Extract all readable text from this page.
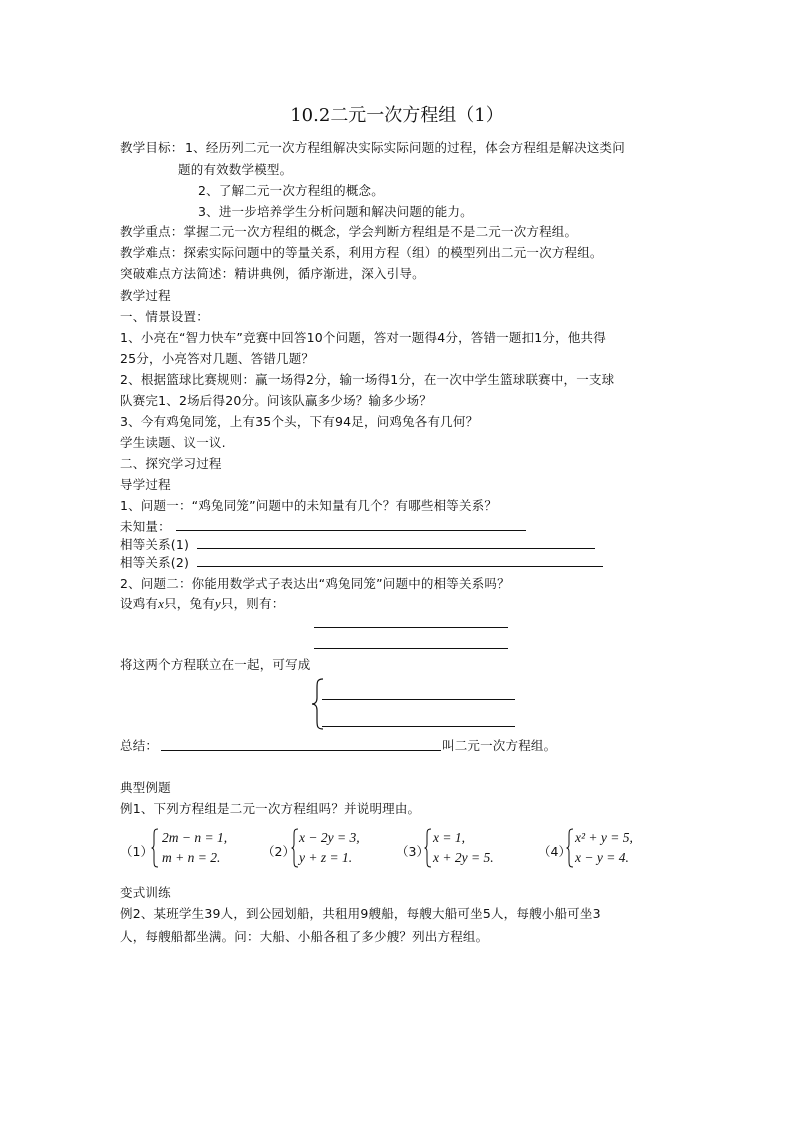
10.2二元一次方程组（1）
教学目标： 1、经历列二元一次方程组解决实际实际问题的过程，体会方程组是解决这类问
题的有效数学模型。
2、了解二元一次方程组的概念。
3、进一步培养学生分析问题和解决问题的能力。
教学重点：掌握二元一次方程组的概念，学会判断方程组是不是二元一次方程组。
教学难点：探索实际问题中的等量关系，利用方程（组）的模型列出二元一次方程组。
突破难点方法简述：精讲典例，循序渐进，深入引导。
教学过程
一、情景设置：
1、小亮在“智力快车”竞赛中回答10个问题，答对一题得4分，答错一题扣1分，他共得
25分，小亮答对几题、答错几题？
2、根据篮球比赛规则：赢一场得2分，输一场得1分，在一次中学生篮球联赛中，一支球
队赛完1、2场后得20分。问该队赢多少场？输多少场？
3、今有鸡兔同笼，上有35个头，下有94足，问鸡兔各有几何？
学生读题、议一议.
二、探究学习过程
导学过程
1、问题一：“鸡兔同笼”问题中的未知量有几个？有哪些相等关系？
未知量：
相等关系(1)
相等关系(2)
2、问题二：你能用数学式子表达出“鸡兔同笼”问题中的相等关系吗？
设鸡有x只，兔有y只，则有：
将这两个方程联立在一起，可写成
总结：	叫二元一次方程组。
典型例题
例1、下列方程组是二元一次方程组吗？并说明理由。
（1）
2m − n = 1,
m + n = 2.	（2）
x − 2y = 3,
y + z = 1.	（3）
x = 1,
x + 2y = 5.	（4）
x² + y = 5,
x − y = 4.
变式训练
例2、某班学生39人，到公园划船，共租用9艘船，每艘大船可坐5人，每艘小船可坐3
人，每艘船都坐满。问：大船、小船各租了多少艘？列出方程组。
